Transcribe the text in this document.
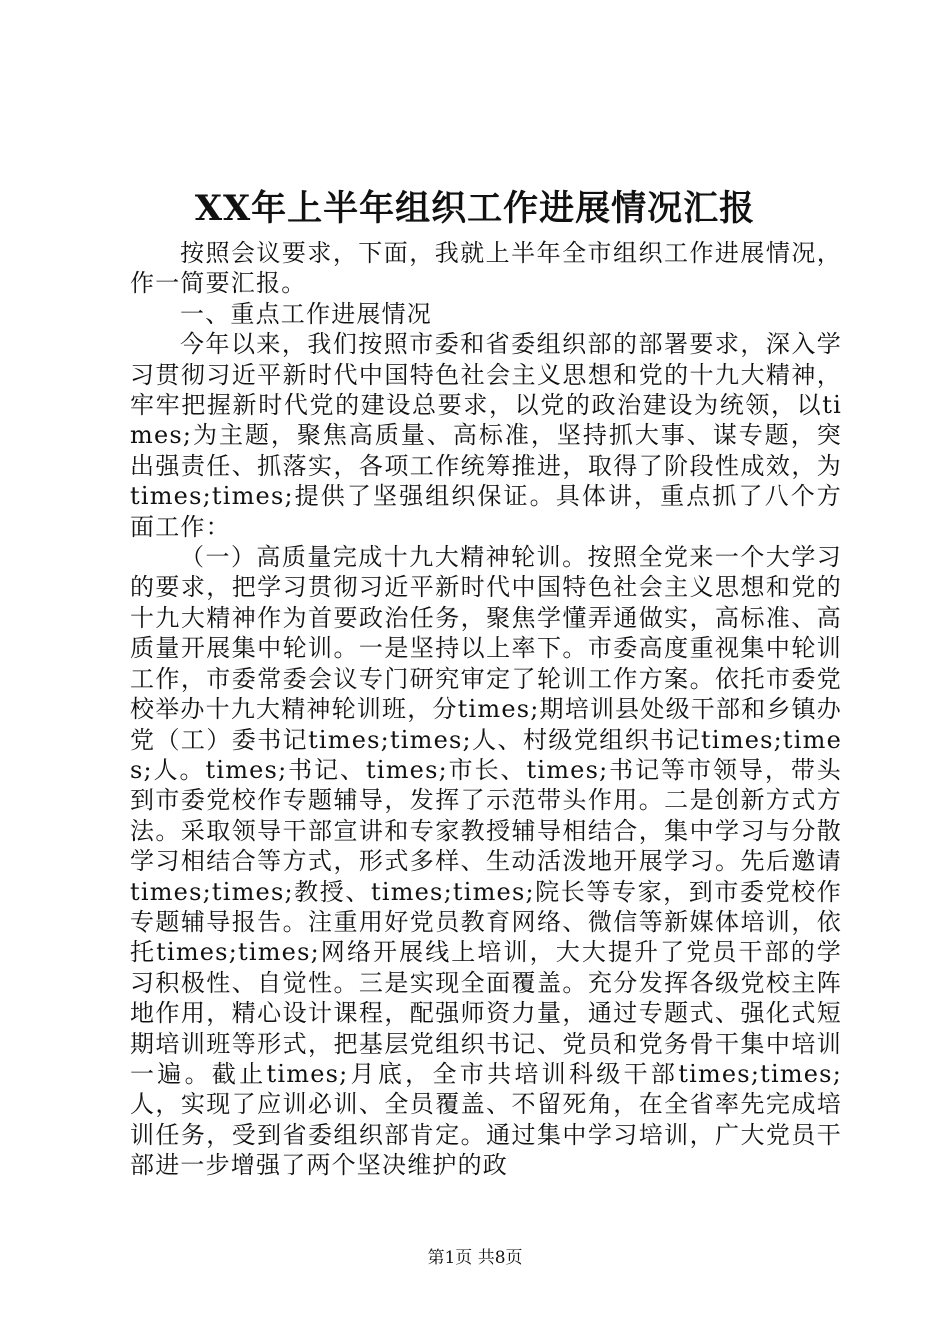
XX年上半年组织工作进展情况汇报

按照会议要求，下面，我就上半年全市组织工作进展情况，作一简要汇报。

一、重点工作进展情况

今年以来，我们按照市委和省委组织部的部署要求，深入学习贯彻习近平新时代中国特色社会主义思想和党的十九大精神，牢牢把握新时代党的建设总要求，以党的政治建设为统领，以times;为主题，聚焦高质量、高标准，坚持抓大事、谋专题，突出强责任、抓落实，各项工作统筹推进，取得了阶段性成效，为times;times;提供了坚强组织保证。具体讲，重点抓了八个方面工作：

（一）高质量完成十九大精神轮训。按照全党来一个大学习的要求，把学习贯彻习近平新时代中国特色社会主义思想和党的十九大精神作为首要政治任务，聚焦学懂弄通做实，高标准、高质量开展集中轮训。一是坚持以上率下。市委高度重视集中轮训工作，市委常委会议专门研究审定了轮训工作方案。依托市委党校举办十九大精神轮训班，分times;期培训县处级干部和乡镇办党（工）委书记times;times;人、村级党组织书记times;times;人。times;书记、times;市长、times;书记等市领导，带头到市委党校作专题辅导，发挥了示范带头作用。二是创新方式方法。采取领导干部宣讲和专家教授辅导相结合，集中学习与分散学习相结合等方式，形式多样、生动活泼地开展学习。先后邀请times;times;教授、times;times;院长等专家，到市委党校作专题辅导报告。注重用好党员教育网络、微信等新媒体培训，依托times;times;网络开展线上培训，大大提升了党员干部的学习积极性、自觉性。三是实现全面覆盖。充分发挥各级党校主阵地作用，精心设计课程，配强师资力量，通过专题式、强化式短期培训班等形式，把基层党组织书记、党员和党务骨干集中培训一遍。截止times;月底，全市共培训科级干部times;times;人，实现了应训必训、全员覆盖、不留死角，在全省率先完成培训任务，受到省委组织部肯定。通过集中学习培训，广大党员干部进一步增强了两个坚决维护的政

第1页 共8页
